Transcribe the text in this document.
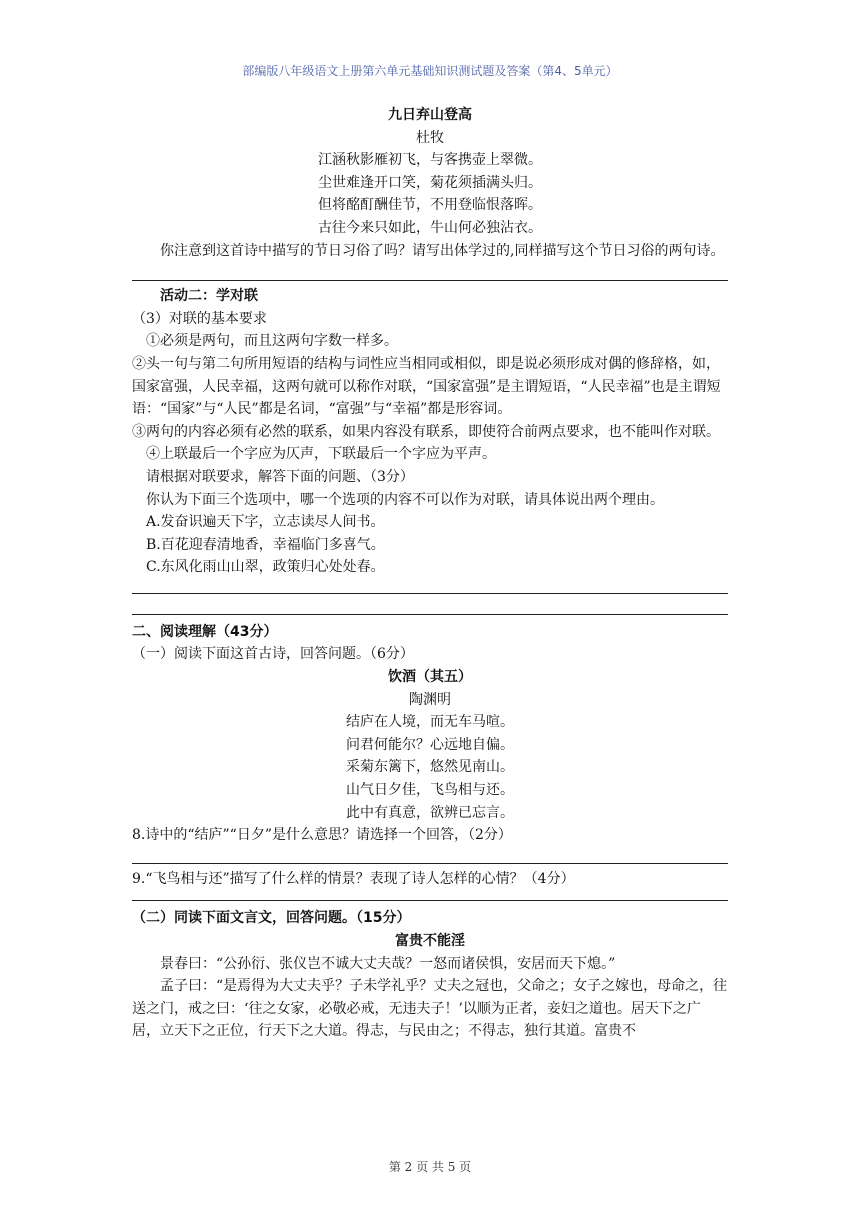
部编版八年级语文上册第六单元基础知识测试题及答案（第4、5单元）
九日弃山登高
杜牧
江涵秋影雁初飞，与客携壶上翠微。
尘世难逢开口笑，菊花须插满头归。
但将酩酊酬佳节，不用登临恨落晖。
古往今来只如此，牛山何必独沾衣。
你注意到这首诗中描写的节日习俗了吗？请写出体学过的,同样描写这个节日习俗的两句诗。
活动二：学对联
（3）对联的基本要求
①必须是两句，而且这两句字数一样多。
②头一句与第二句所用短语的结构与词性应当相同或相似，即是说必须形成对偶的修辞格，如，国家富强，人民幸福，这两句就可以称作对联，“国家富强”是主谓短语，“人民幸福”也是主谓短语：“国家”与“人民”都是名词，“富强”与“幸福”都是形容词。
③两句的内容必须有必然的联系，如果内容没有联系，即使符合前两点要求，也不能叫作对联。
④上联最后一个字应为仄声，下联最后一个字应为平声。
请根据对联要求，解答下面的问题、（3分）
你认为下面三个选项中，哪一个选项的内容不可以作为对联，请具体说出两个理由。
A.发奋识遍天下字，立志读尽人间书。
B.百花迎春清地香，幸福临门多喜气。
C.东风化雨山山翠，政策归心处处春。
二、阅读理解（43分）
（一）阅读下面这首古诗，回答问题。（6分）
饮酒（其五）
陶渊明
结庐在人境，而无车马喧。
问君何能尔？心远地自偏。
采菊东篱下，悠然见南山。
山气日夕佳，飞鸟相与还。
此中有真意，欲辨已忘言。
8.诗中的“结庐”“日夕”是什么意思？请选择一个回答，（2分）
9.“飞鸟相与还”描写了什么样的情景？表现了诗人怎样的心情？（4分）
（二）同读下面文言文，回答问题。（15分）
富贵不能淫
景春曰：“公孙衍、张仪岂不诚大丈夫哉？一怒而诸侯惧，安居而天下熄。”
孟子曰：“是焉得为大丈夫乎？子未学礼乎？丈夫之冠也，父命之；女子之嫁也，母命之，往送之门，戒之曰：‘往之女家，必敬必戒，无违夫子！’以顺为正者，妾妇之道也。居天下之广居，立天下之正位，行天下之大道。得志，与民由之；不得志，独行其道。富贵不
第 2 页 共 5 页
